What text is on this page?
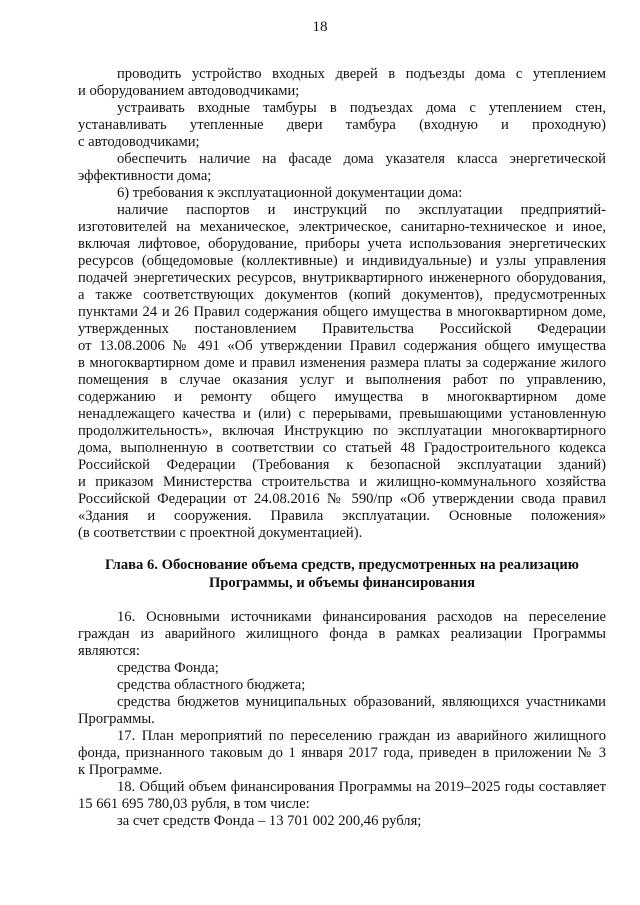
18
проводить устройство входных дверей в подъезды дома с утеплением
и оборудованием автодоводчиками;
устраивать входные тамбуры в подъездах дома с утеплением стен,
устанавливать утепленные двери тамбура (входную и проходную)
с автодоводчиками;
обеспечить наличие на фасаде дома указателя класса энергетической
эффективности дома;
6) требования к эксплуатационной документации дома:
наличие паспортов и инструкций по эксплуатации предприятий-
изготовителей на механическое, электрическое, санитарно-техническое и иное,
включая лифтовое, оборудование, приборы учета использования энергетических
ресурсов (общедомовые (коллективные) и индивидуальные) и узлы управления
подачей энергетических ресурсов, внутриквартирного инженерного оборудования,
а также соответствующих документов (копий документов), предусмотренных
пунктами 24 и 26 Правил содержания общего имущества в многоквартирном доме,
утвержденных постановлением Правительства Российской Федерации
от 13.08.2006 № 491 «Об утверждении Правил содержания общего имущества
в многоквартирном доме и правил изменения размера платы за содержание жилого
помещения в случае оказания услуг и выполнения работ по управлению,
содержанию и ремонту общего имущества в многоквартирном доме
ненадлежащего качества и (или) с перерывами, превышающими установленную
продолжительность», включая Инструкцию по эксплуатации многоквартирного
дома, выполненную в соответствии со статьей 48 Градостроительного кодекса
Российской Федерации (Требования к безопасной эксплуатации зданий)
и приказом Министерства строительства и жилищно-коммунального хозяйства
Российской Федерации от 24.08.2016 № 590/пр «Об утверждении свода правил
«Здания и сооружения. Правила эксплуатации. Основные положения»
(в соответствии с проектной документацией).
Глава 6. Обоснование объема средств, предусмотренных на реализацию
Программы, и объемы финансирования
16. Основными источниками финансирования расходов на переселение
граждан из аварийного жилищного фонда в рамках реализации Программы
являются:
средства Фонда;
средства областного бюджета;
средства бюджетов муниципальных образований, являющихся участниками
Программы.
17. План мероприятий по переселению граждан из аварийного жилищного
фонда, признанного таковым до 1 января 2017 года, приведен в приложении № 3
к Программе.
18. Общий объем финансирования Программы на 2019–2025 годы составляет
15 661 695 780,03 рубля, в том числе:
за счет средств Фонда – 13 701 002 200,46 рубля;
